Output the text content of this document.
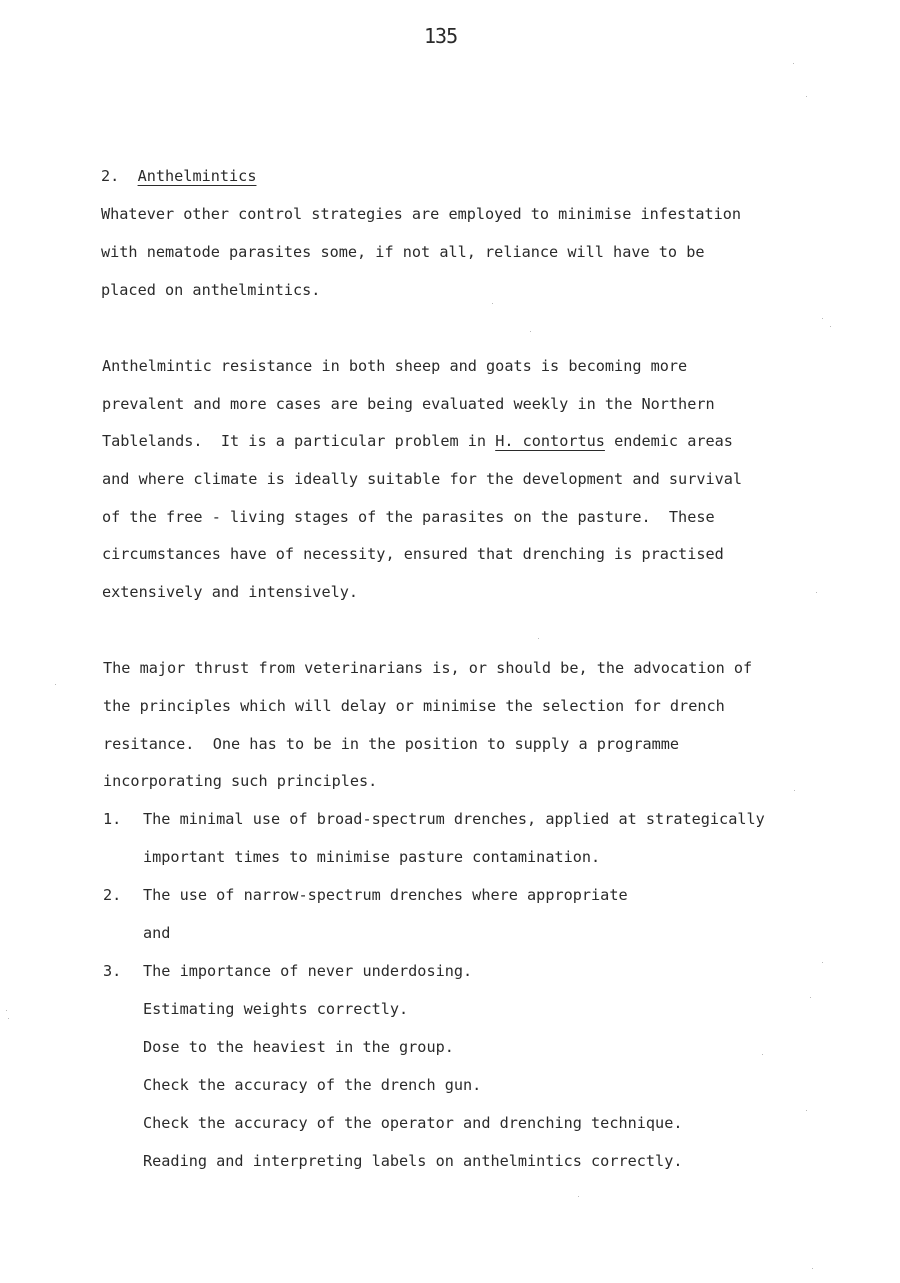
135
2. Anthelmintics
Whatever other control strategies are employed to minimise infestation
with nematode parasites some, if not all, reliance will have to be
placed on anthelmintics.
Anthelmintic resistance in both sheep and goats is becoming more
prevalent and more cases are being evaluated weekly in the Northern
Tablelands.  It is a particular problem in H. contortus endemic areas
and where climate is ideally suitable for the development and survival
of the free - living stages of the parasites on the pasture.  These
circumstances have of necessity, ensured that drenching is practised
extensively and intensively.
The major thrust from veterinarians is, or should be, the advocation of
the principles which will delay or minimise the selection for drench
resitance.  One has to be in the position to supply a programme
incorporating such principles.
1. The minimal use of broad-spectrum drenches, applied at strategically
important times to minimise pasture contamination.
2. The use of narrow-spectrum drenches where appropriate
and
3. The importance of never underdosing.
Estimating weights correctly.
Dose to the heaviest in the group.
Check the accuracy of the drench gun.
Check the accuracy of the operator and drenching technique.
Reading and interpreting labels on anthelmintics correctly.
